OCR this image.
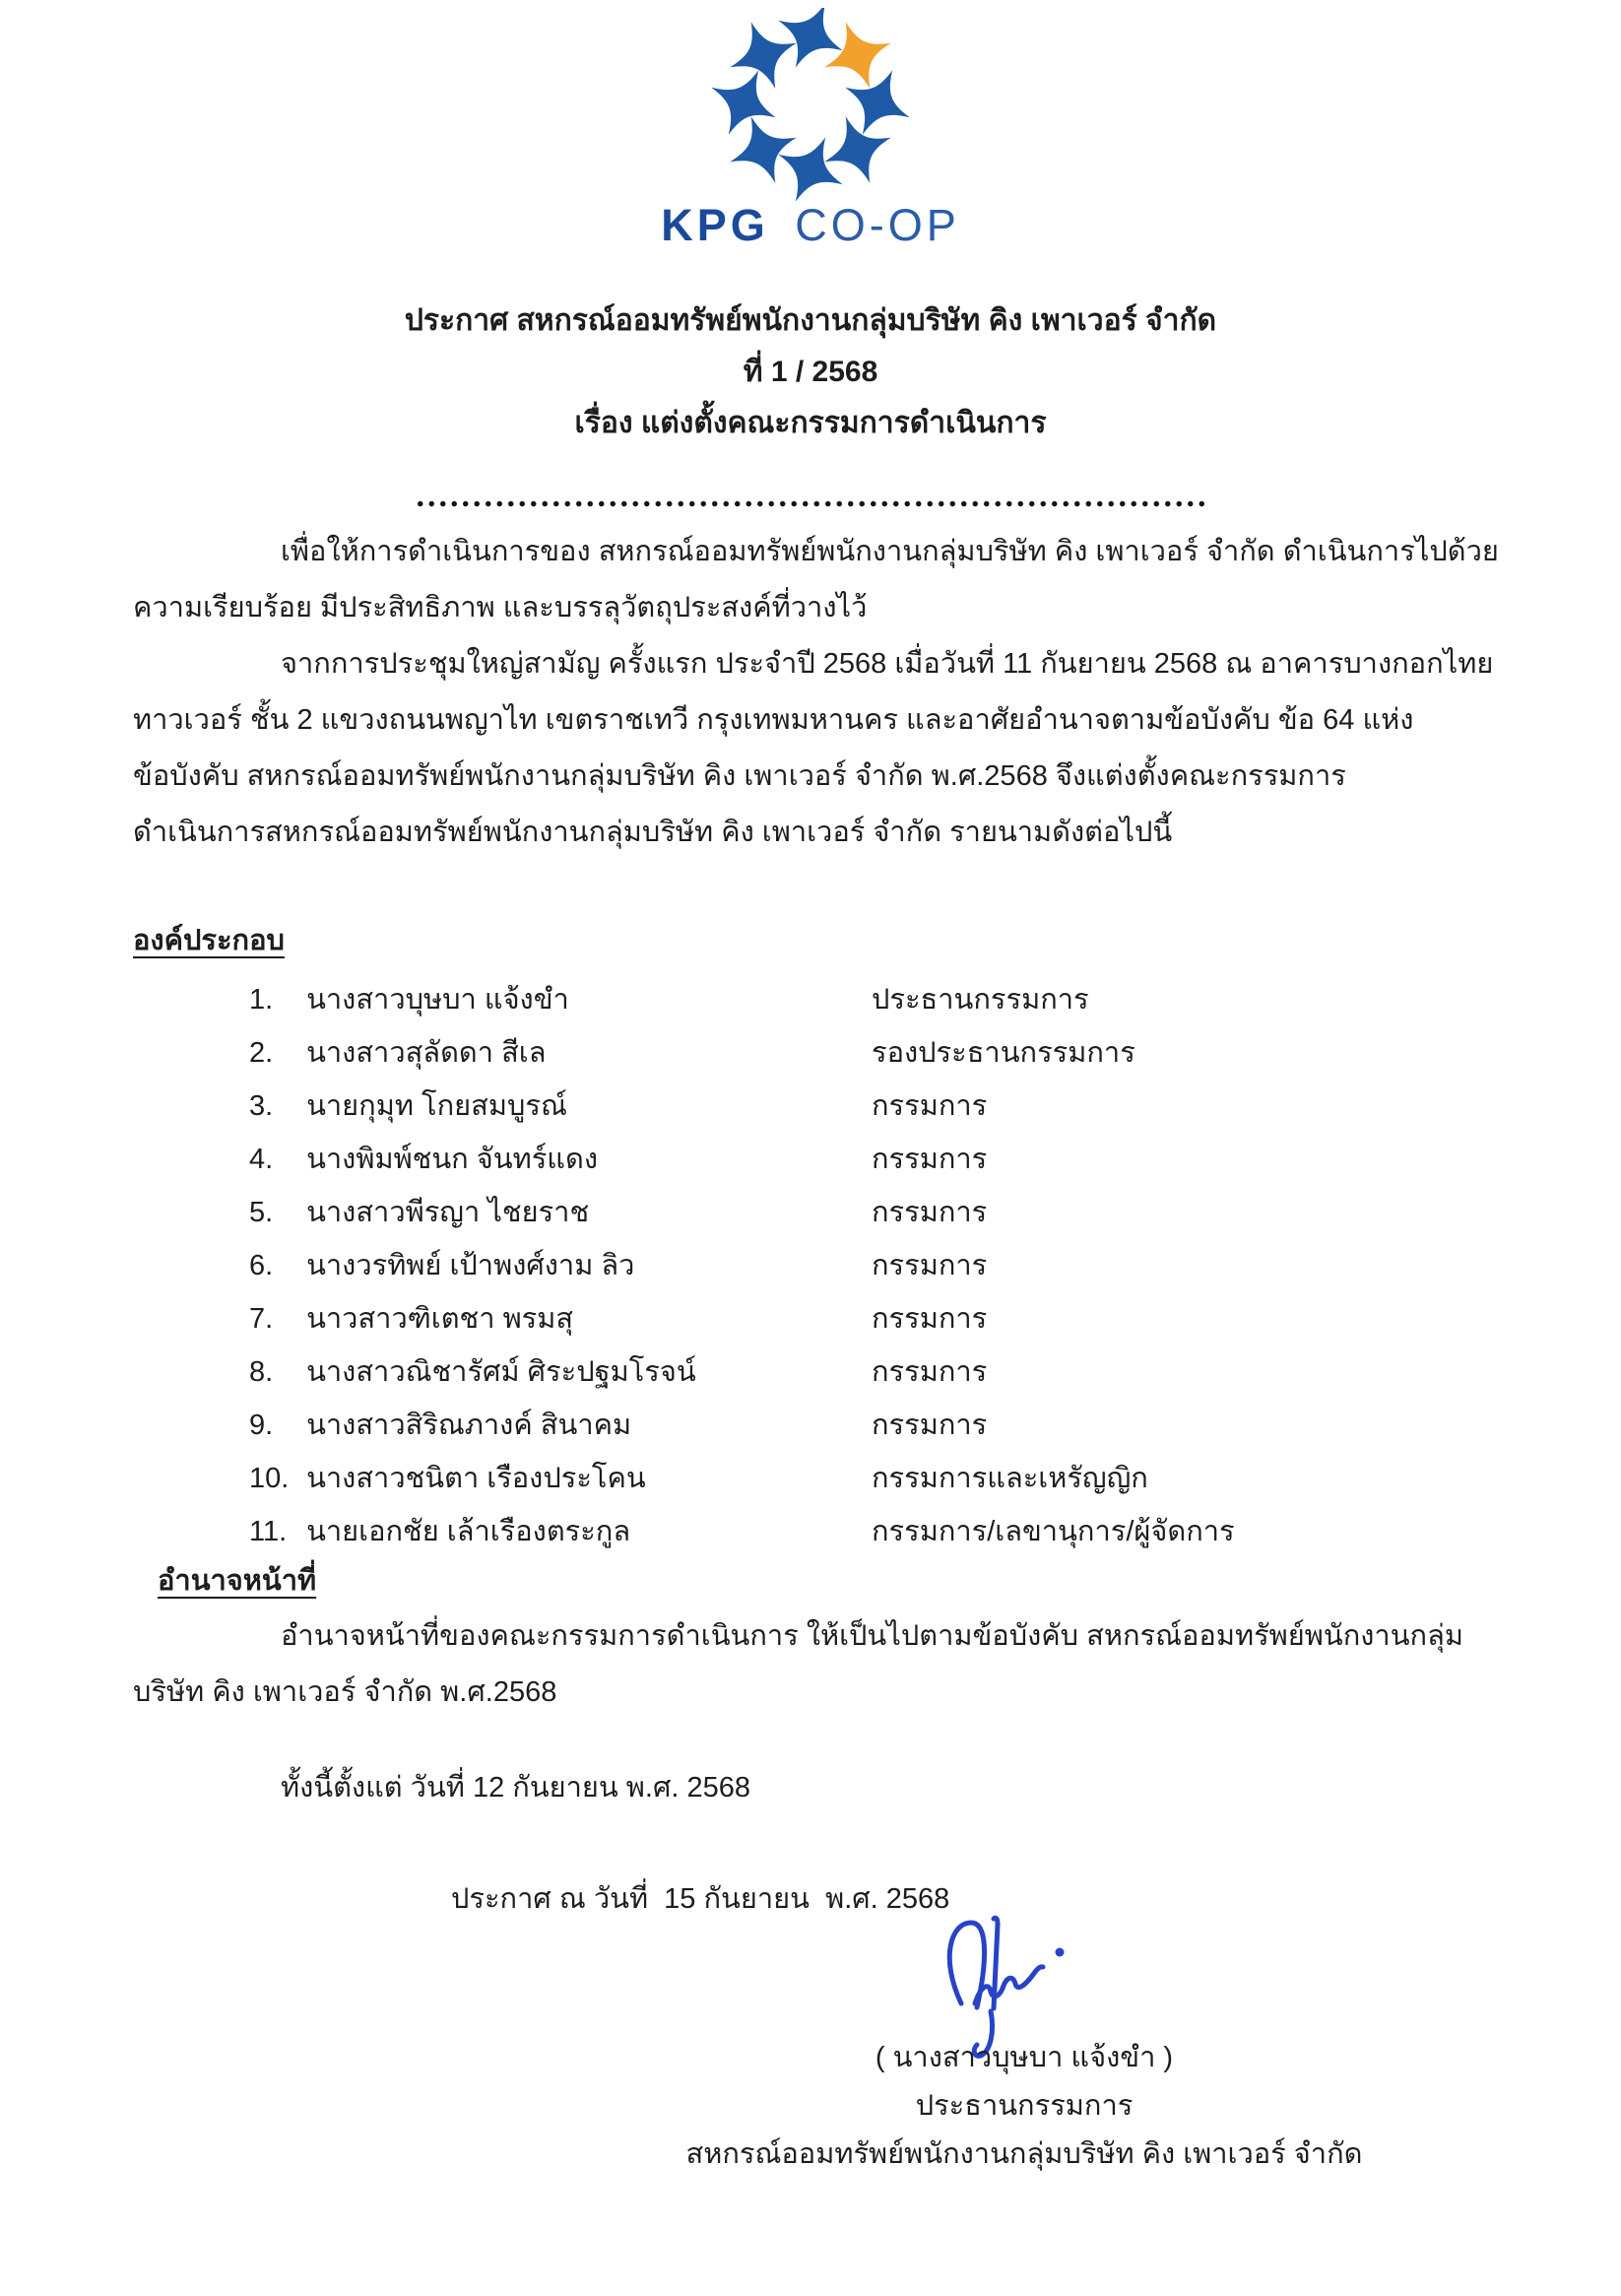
KPG CO-OP
ประกาศ สหกรณ์ออมทรัพย์พนักงานกลุ่มบริษัท คิง เพาเวอร์ จำกัด
ที่ 1 / 2568
เรื่อง แต่งตั้งคณะกรรมการดำเนินการ

เพื่อให้การดำเนินการของ สหกรณ์ออมทรัพย์พนักงานกลุ่มบริษัท คิง เพาเวอร์ จำกัด ดำเนินการไปด้วย

ความเรียบร้อย มีประสิทธิภาพ และบรรลุวัตถุประสงค์ที่วางไว้

จากการประชุมใหญ่สามัญ ครั้งแรก ประจำปี 2568 เมื่อวันที่ 11 กันยายน 2568 ณ อาคารบางกอกไทย

ทาวเวอร์ ชั้น 2 แขวงถนนพญาไท เขตราชเทวี กรุงเทพมหานคร และอาศัยอำนาจตามข้อบังคับ ข้อ 64 แห่ง

ข้อบังคับ สหกรณ์ออมทรัพย์พนักงานกลุ่มบริษัท คิง เพาเวอร์ จำกัด พ.ศ.2568 จึงแต่งตั้งคณะกรรมการ

ดำเนินการสหกรณ์ออมทรัพย์พนักงานกลุ่มบริษัท คิง เพาเวอร์ จำกัด รายนามดังต่อไปนี้

องค์ประกอบ
1. นางสาวบุษบา แจ้งขำ	ประธานกรรมการ
2. นางสาวสุลัดดา สีเล	รองประธานกรรมการ
3. นายกุมุท โกยสมบูรณ์	กรรมการ
4. นางพิมพ์ชนก จันทร์แดง	กรรมการ
5. นางสาวพีรญา ไชยราช	กรรมการ
6. นางวรทิพย์ เป้าพงศ์งาม ลิว	กรรมการ
7. นาวสาวฑิเตชา พรมสุ	กรรมการ
8. นางสาวณิชารัศม์ ศิระปฐมโรจน์	กรรมการ
9. นางสาวสิริณภางค์ สินาคม	กรรมการ
10. นางสาวชนิตา เรืองประโคน	กรรมการและเหรัญญิก
11. นายเอกชัย เล้าเรืองตระกูล	กรรมการ/เลขานุการ/ผู้จัดการ
อำนาจหน้าที่

อำนาจหน้าที่ของคณะกรรมการดำเนินการ ให้เป็นไปตามข้อบังคับ สหกรณ์ออมทรัพย์พนักงานกลุ่ม

บริษัท คิง เพาเวอร์ จำกัด พ.ศ.2568

ทั้งนี้ตั้งแต่ วันที่ 12 กันยายน พ.ศ. 2568

ประกาศ ณ วันที่  15 กันยายน  พ.ศ. 2568

( นางสาวบุษบา แจ้งขำ )

ประธานกรรมการ

สหกรณ์ออมทรัพย์พนักงานกลุ่มบริษัท คิง เพาเวอร์ จำกัด
